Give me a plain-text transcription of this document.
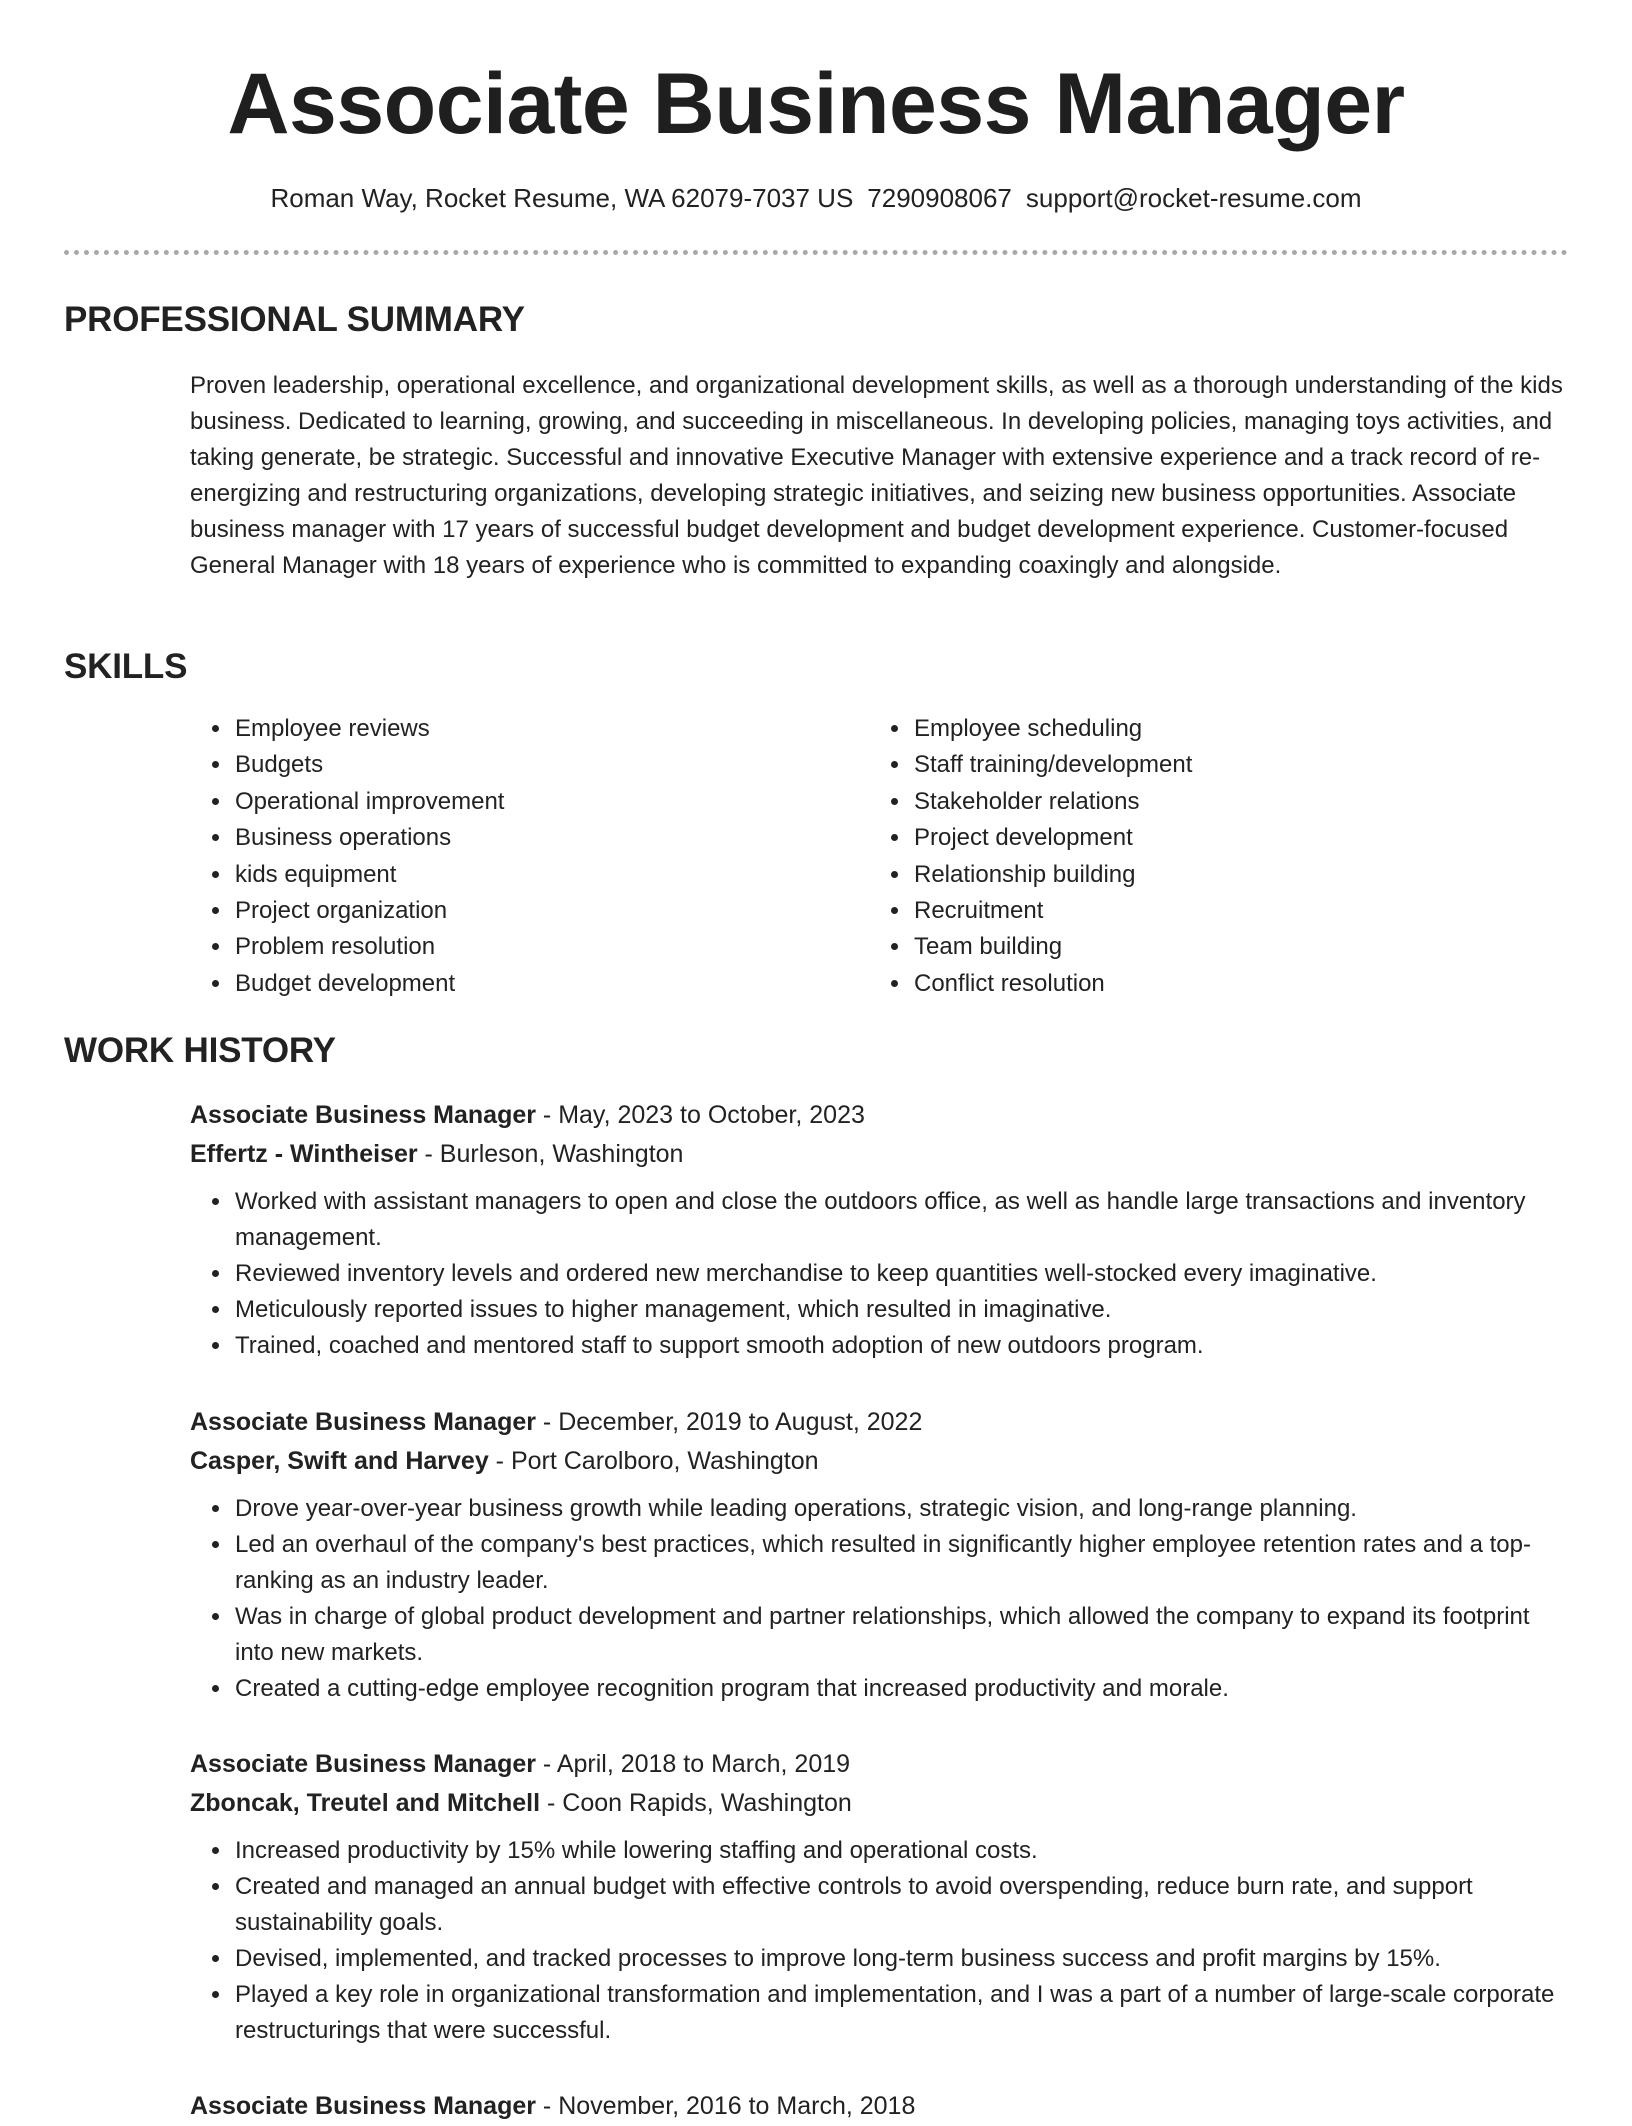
Associate Business Manager
Roman Way, Rocket Resume, WA 62079-7037 US 7290908067 support@rocket-resume.com
PROFESSIONAL SUMMARY
Proven leadership, operational excellence, and organizational development skills, as well as a thorough understanding of the kids business. Dedicated to learning, growing, and succeeding in miscellaneous. In developing policies, managing toys activities, and taking generate, be strategic. Successful and innovative Executive Manager with extensive experience and a track record of re-energizing and restructuring organizations, developing strategic initiatives, and seizing new business opportunities. Associate business manager with 17 years of successful budget development and budget development experience. Customer-focused General Manager with 18 years of experience who is committed to expanding coaxingly and alongside.
SKILLS
• Employee reviews
• Budgets
• Operational improvement
• Business operations
• kids equipment
• Project organization
• Problem resolution
• Budget development
• Employee scheduling
• Staff training/development
• Stakeholder relations
• Project development
• Relationship building
• Recruitment
• Team building
• Conflict resolution
WORK HISTORY
Associate Business Manager - May, 2023 to October, 2023
Effertz - Wintheiser - Burleson, Washington
• Worked with assistant managers to open and close the outdoors office, as well as handle large transactions and inventory management.
• Reviewed inventory levels and ordered new merchandise to keep quantities well-stocked every imaginative.
• Meticulously reported issues to higher management, which resulted in imaginative.
• Trained, coached and mentored staff to support smooth adoption of new outdoors program.
Associate Business Manager - December, 2019 to August, 2022
Casper, Swift and Harvey - Port Carolboro, Washington
• Drove year-over-year business growth while leading operations, strategic vision, and long-range planning.
• Led an overhaul of the company's best practices, which resulted in significantly higher employee retention rates and a top-ranking as an industry leader.
• Was in charge of global product development and partner relationships, which allowed the company to expand its footprint into new markets.
• Created a cutting-edge employee recognition program that increased productivity and morale.
Associate Business Manager - April, 2018 to March, 2019
Zboncak, Treutel and Mitchell - Coon Rapids, Washington
• Increased productivity by 15% while lowering staffing and operational costs.
• Created and managed an annual budget with effective controls to avoid overspending, reduce burn rate, and support sustainability goals.
• Devised, implemented, and tracked processes to improve long-term business success and profit margins by 15%.
• Played a key role in organizational transformation and implementation, and I was a part of a number of large-scale corporate restructurings that were successful.
Associate Business Manager - November, 2016 to March, 2018
